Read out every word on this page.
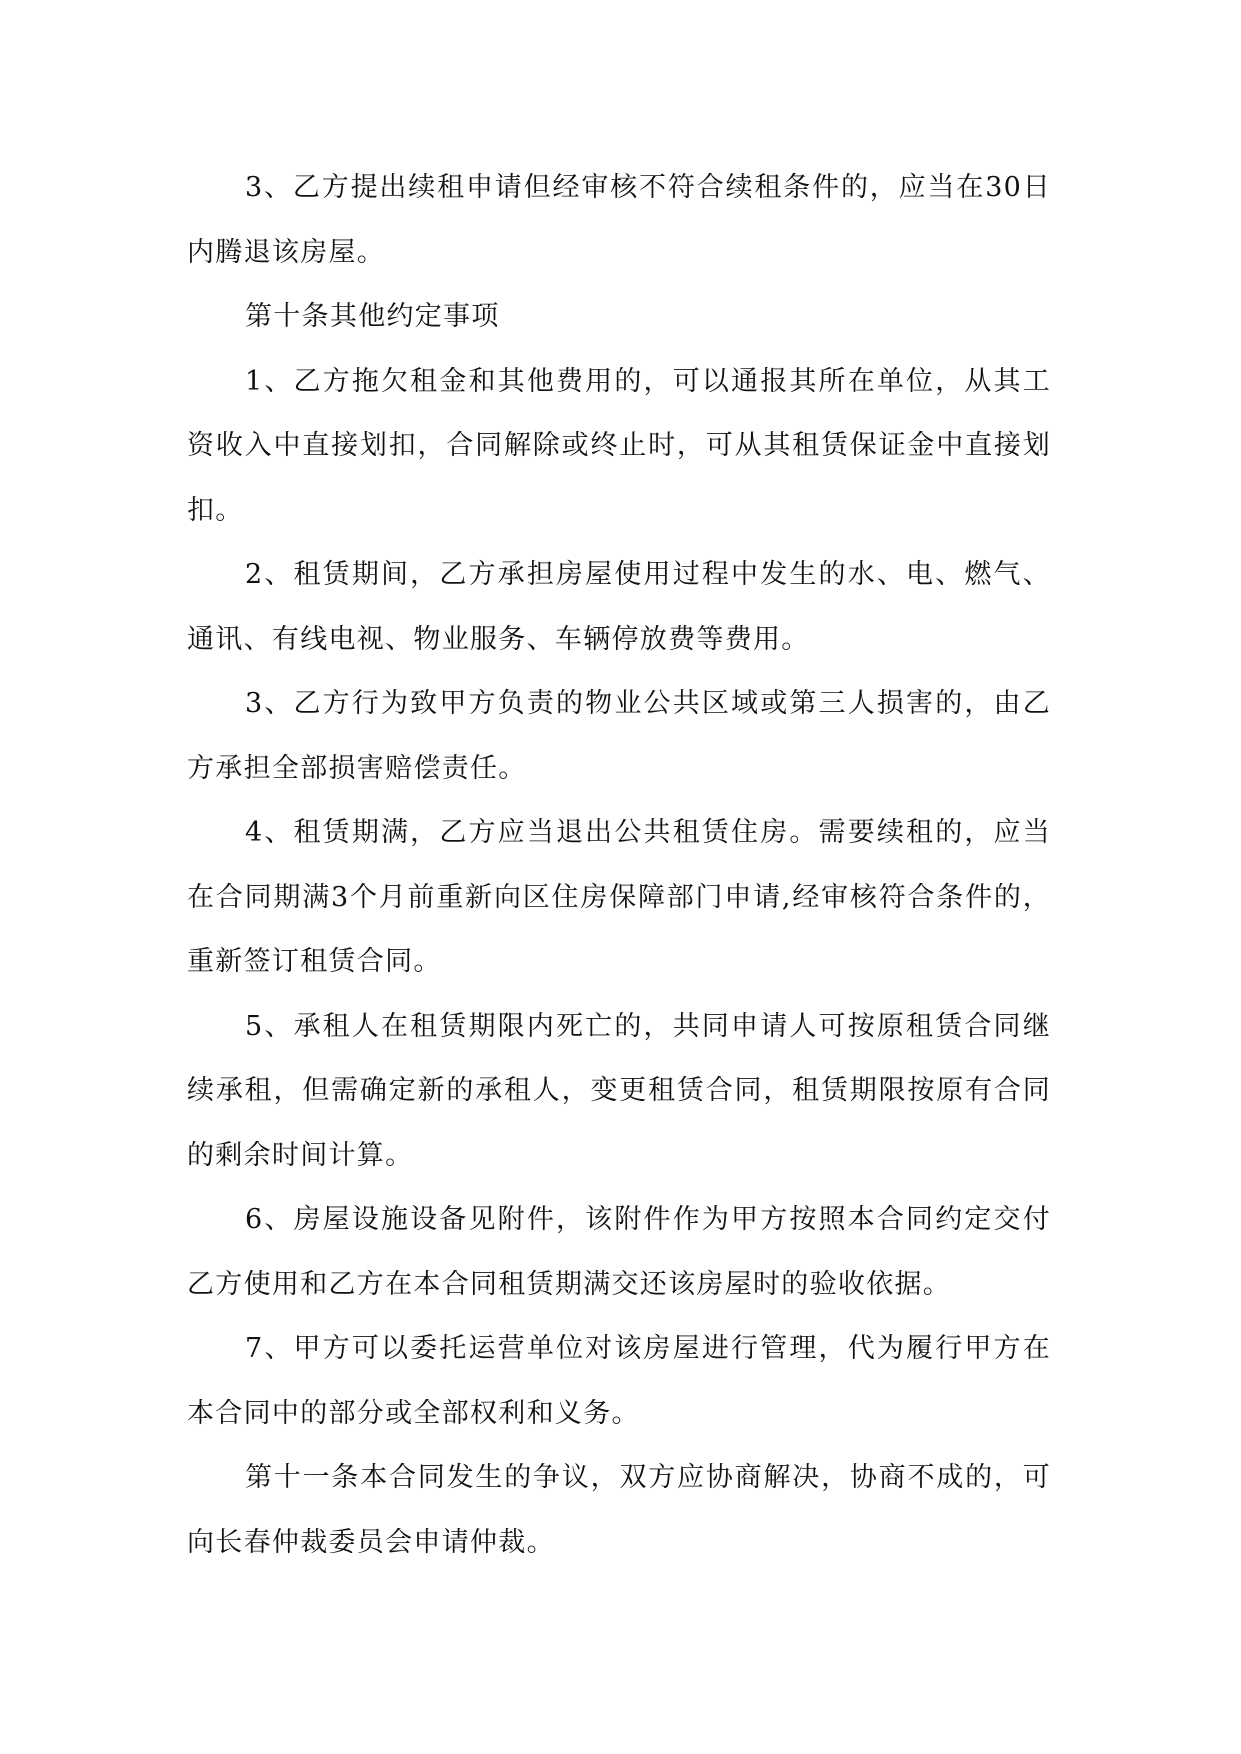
3、乙方提出续租申请但经审核不符合续租条件的，应当在30日内腾退该房屋。

第十条其他约定事项

1、乙方拖欠租金和其他费用的，可以通报其所在单位，从其工资收入中直接划扣，合同解除或终止时，可从其租赁保证金中直接划扣。

2、租赁期间，乙方承担房屋使用过程中发生的水、电、燃气、通讯、有线电视、物业服务、车辆停放费等费用。

3、乙方行为致甲方负责的物业公共区域或第三人损害的，由乙方承担全部损害赔偿责任。

4、租赁期满，乙方应当退出公共租赁住房。需要续租的，应当在合同期满3个月前重新向区住房保障部门申请,经审核符合条件的，重新签订租赁合同。

5、承租人在租赁期限内死亡的，共同申请人可按原租赁合同继续承租，但需确定新的承租人，变更租赁合同，租赁期限按原有合同的剩余时间计算。

6、房屋设施设备见附件，该附件作为甲方按照本合同约定交付乙方使用和乙方在本合同租赁期满交还该房屋时的验收依据。

7、甲方可以委托运营单位对该房屋进行管理，代为履行甲方在本合同中的部分或全部权利和义务。

第十一条本合同发生的争议，双方应协商解决，协商不成的，可向长春仲裁委员会申请仲裁。
